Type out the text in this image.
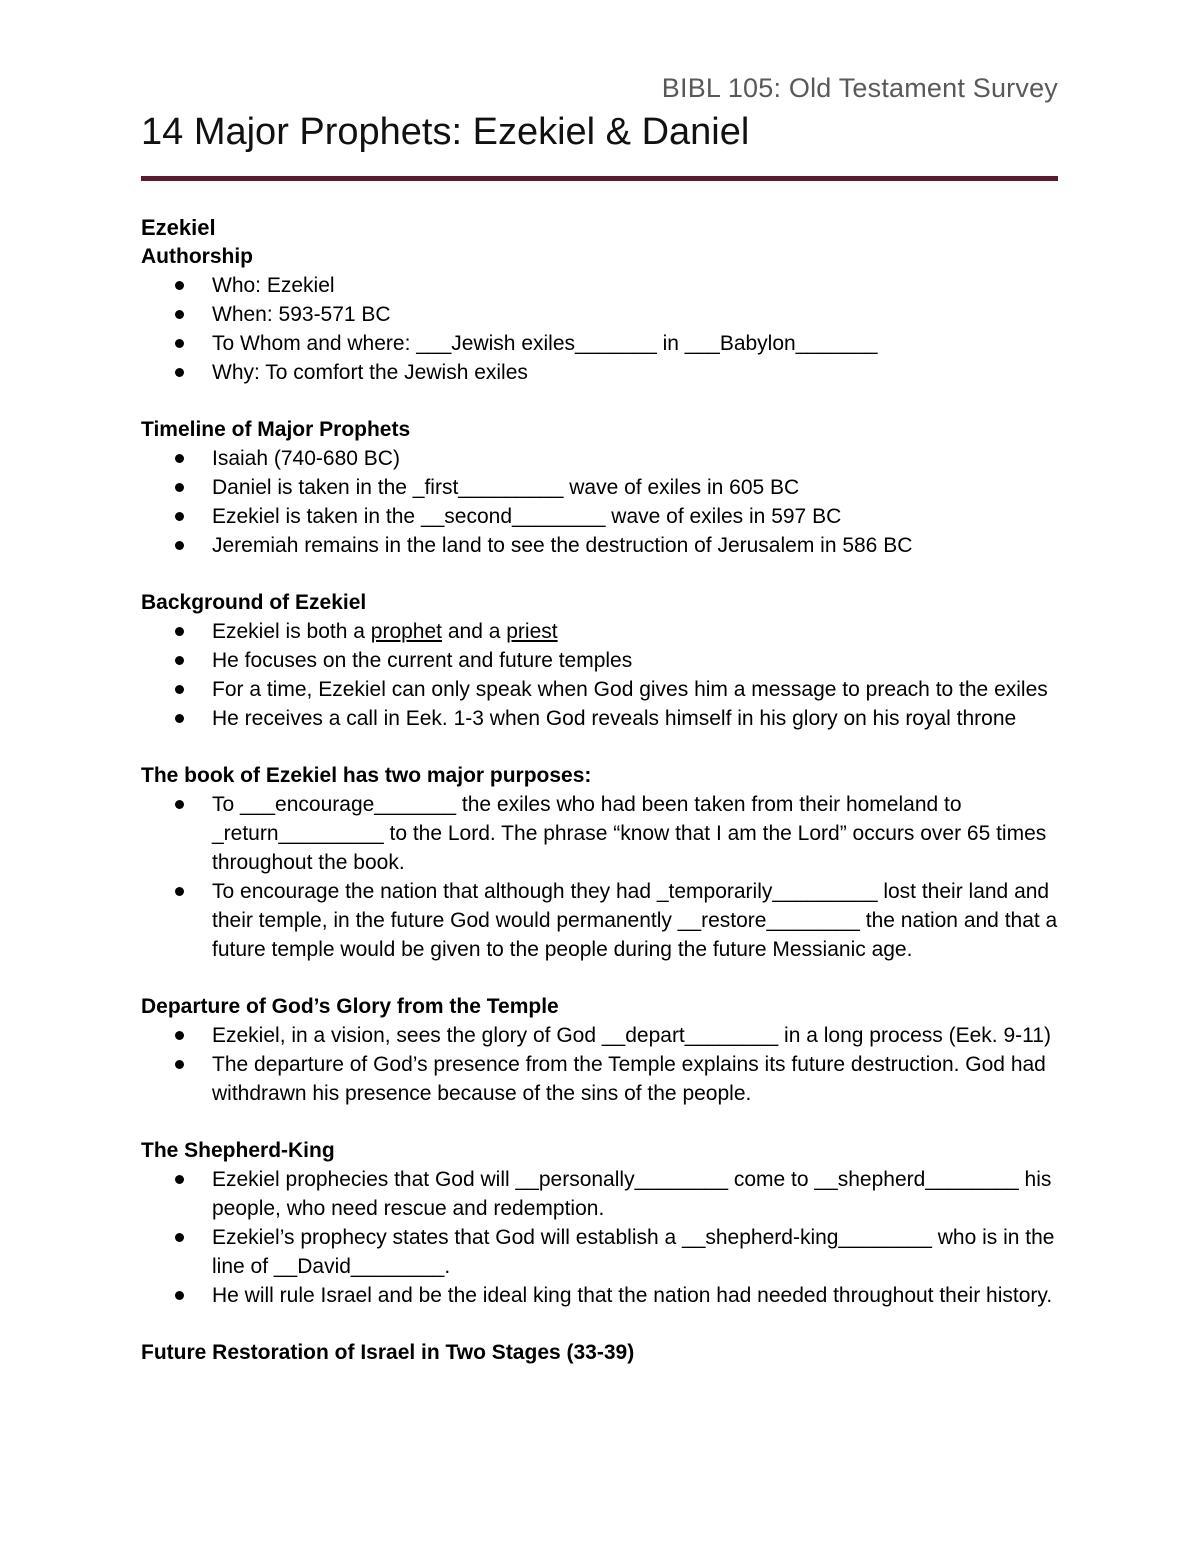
BIBL 105: Old Testament Survey
14 Major Prophets: Ezekiel & Daniel
Ezekiel
Authorship
Who: Ezekiel
When: 593-571 BC
To Whom and where: ___Jewish exiles_______ in ___Babylon_______
Why: To comfort the Jewish exiles
Timeline of Major Prophets
Isaiah (740-680 BC)
Daniel is taken in the _first_________ wave of exiles in 605 BC
Ezekiel is taken in the __second________ wave of exiles in 597 BC
Jeremiah remains in the land to see the destruction of Jerusalem in 586 BC
Background of Ezekiel
Ezekiel is both a prophet and a priest
He focuses on the current and future temples
For a time, Ezekiel can only speak when God gives him a message to preach to the exiles
He receives a call in Eek. 1-3 when God reveals himself in his glory on his royal throne
The book of Ezekiel has two major purposes:
To ___encourage_______ the exiles who had been taken from their homeland to _return_________ to the Lord. The phrase “know that I am the Lord” occurs over 65 times throughout the book.
To encourage the nation that although they had _temporarily_________ lost their land and their temple, in the future God would permanently __restore________ the nation and that a future temple would be given to the people during the future Messianic age.
Departure of God’s Glory from the Temple
Ezekiel, in a vision, sees the glory of God __depart________ in a long process (Eek. 9-11)
The departure of God’s presence from the Temple explains its future destruction. God had withdrawn his presence because of the sins of the people.
The Shepherd-King
Ezekiel prophecies that God will __personally________ come to __shepherd________ his people, who need rescue and redemption.
Ezekiel’s prophecy states that God will establish a __shepherd-king________ who is in the line of __David________.
He will rule Israel and be the ideal king that the nation had needed throughout their history.
Future Restoration of Israel in Two Stages (33-39)
